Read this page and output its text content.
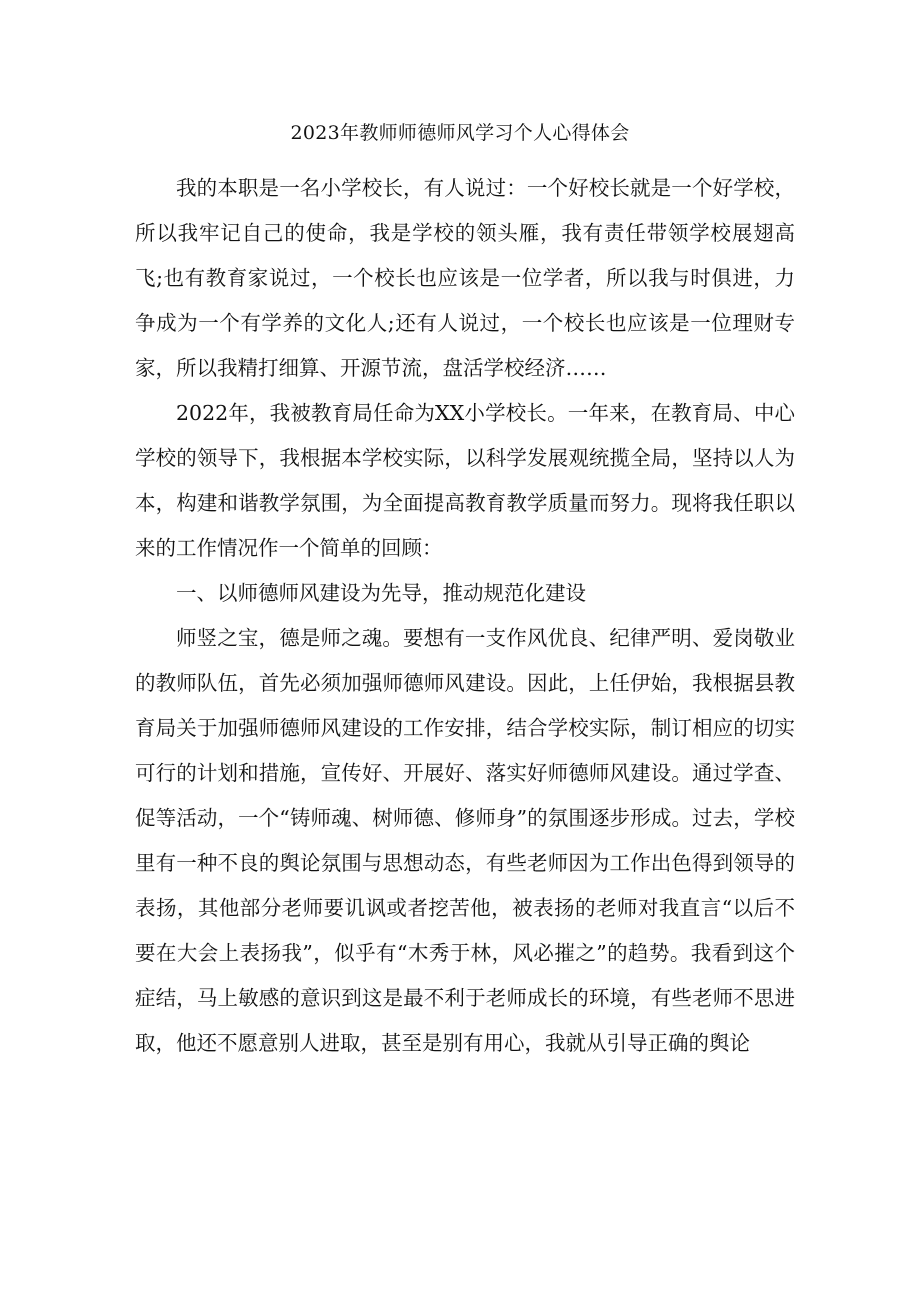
2023年教师师德师风学习个人心得体会

我的本职是一名小学校长，有人说过：一个好校长就是一个好学校，所以我牢记自己的使命，我是学校的领头雁，我有责任带领学校展翅高飞;也有教育家说过，一个校长也应该是一位学者，所以我与时俱进，力争成为一个有学养的文化人;还有人说过，一个校长也应该是一位理财专家，所以我精打细算、开源节流，盘活学校经济……

2022年，我被教育局任命为XX小学校长。一年来，在教育局、中心学校的领导下，我根据本学校实际，以科学发展观统揽全局，坚持以人为本，构建和谐教学氛围，为全面提高教育教学质量而努力。现将我任职以来的工作情况作一个简单的回顾：

一、以师德师风建设为先导，推动规范化建设

师竖之宝，德是师之魂。要想有一支作风优良、纪律严明、爱岗敬业的教师队伍，首先必须加强师德师风建设。因此，上任伊始，我根据县教育局关于加强师德师风建设的工作安排，结合学校实际，制订相应的切实可行的计划和措施，宣传好、开展好、落实好师德师风建设。通过学查、促等活动，一个“铸师魂、树师德、修师身”的氛围逐步形成。过去，学校里有一种不良的舆论氛围与思想动态，有些老师因为工作出色得到领导的表扬，其他部分老师要讥讽或者挖苦他，被表扬的老师对我直言“以后不要在大会上表扬我”，似乎有“木秀于林，风必摧之”的趋势。我看到这个症结，马上敏感的意识到这是最不利于老师成长的环境，有些老师不思进取，他还不愿意别人进取，甚至是别有用心，我就从引导正确的舆论
